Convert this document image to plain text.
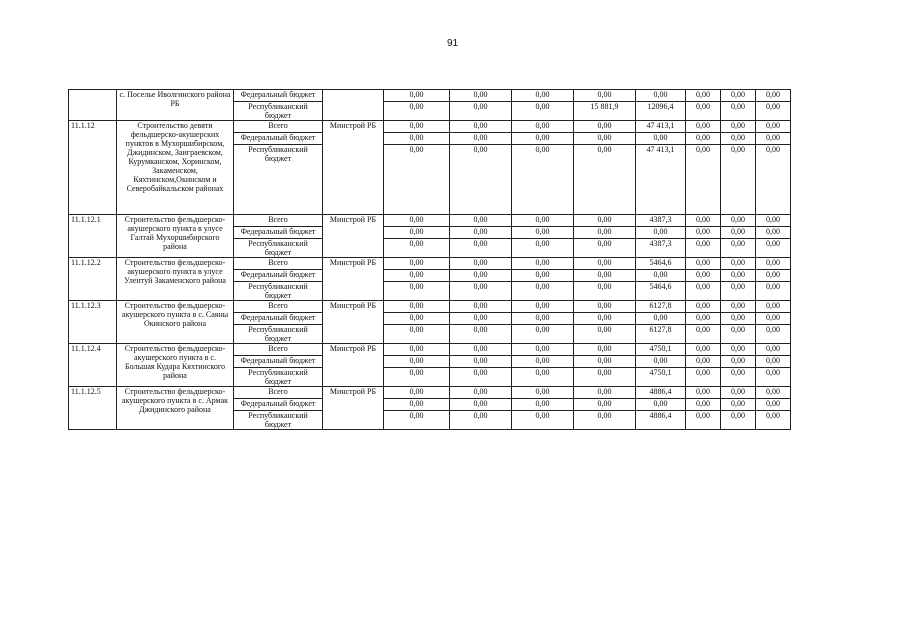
91
	с. Посельe Иволгинского района РБ	Федеральный бюджет		0,00	0,00	0,00	0,00	0,00	0,00	0,00	0,00
		Республиканский бюджет		0,00	0,00	0,00	15 881,9	12096,4	0,00	0,00	0,00
11.1.12	Строительство девяти фельдшерско-акушерских пунктов в Мухоршибирском, Джидинском, Заиграевском, Курумканском, Хоринском, Закаменском, Кяхтинском,Окинском и Северобайкальском районах	Всего	Минстрой РБ	0,00	0,00	0,00	0,00	47 413,1	0,00	0,00	0,00
		Федеральный бюджет		0,00	0,00	0,00	0,00	0,00	0,00	0,00	0,00
		Республиканский бюджет		0,00	0,00	0,00	0,00	47 413,1	0,00	0,00	0,00
11.1.12.1	Строительство фельдшерско-акушерского пункта в улусе Галтай Мухоршибирского района	Всего	Минстрой РБ	0,00	0,00	0,00	0,00	4387,3	0,00	0,00	0,00
		Федеральный бюджет		0,00	0,00	0,00	0,00	0,00	0,00	0,00	0,00
		Республиканский бюджет		0,00	0,00	0,00	0,00	4387,3	0,00	0,00	0,00
11.1.12.2	Строительство фельдшерско-акушерского пункта в улусе Улентуй Закаменского района	Всего	Минстрой РБ	0,00	0,00	0,00	0,00	5464,6	0,00	0,00	0,00
		Федеральный бюджет		0,00	0,00	0,00	0,00	0,00	0,00	0,00	0,00
		Республиканский бюджет		0,00	0,00	0,00	0,00	5464,6	0,00	0,00	0,00
11.1.12.3	Строительство фельдшерско-акушерского пункта в с. Саяны Окинского района	Всего	Минстрой РБ	0,00	0,00	0,00	0,00	6127,8	0,00	0,00	0,00
		Федеральный бюджет		0,00	0,00	0,00	0,00	0,00	0,00	0,00	0,00
		Республиканский бюджет		0,00	0,00	0,00	0,00	6127,8	0,00	0,00	0,00
11.1.12.4	Строительство фельдшерско-акушерского пункта в с. Большая Кудара Кяхтинского района	Всего	Минстрой РБ	0,00	0,00	0,00	0,00	4750,1	0,00	0,00	0,00
		Федеральный бюджет		0,00	0,00	0,00	0,00	0,00	0,00	0,00	0,00
		Республиканский бюджет		0,00	0,00	0,00	0,00	4750,1	0,00	0,00	0,00
11.1.12.5	Строительство фельдшерско-акушерского пункта в с. Армак Джидинского района	Всего	Минстрой РБ	0,00	0,00	0,00	0,00	4886,4	0,00	0,00	0,00
		Федеральный бюджет		0,00	0,00	0,00	0,00	0,00	0,00	0,00	0,00
		Республиканский бюджет		0,00	0,00	0,00	0,00	4886,4	0,00	0,00	0,00
